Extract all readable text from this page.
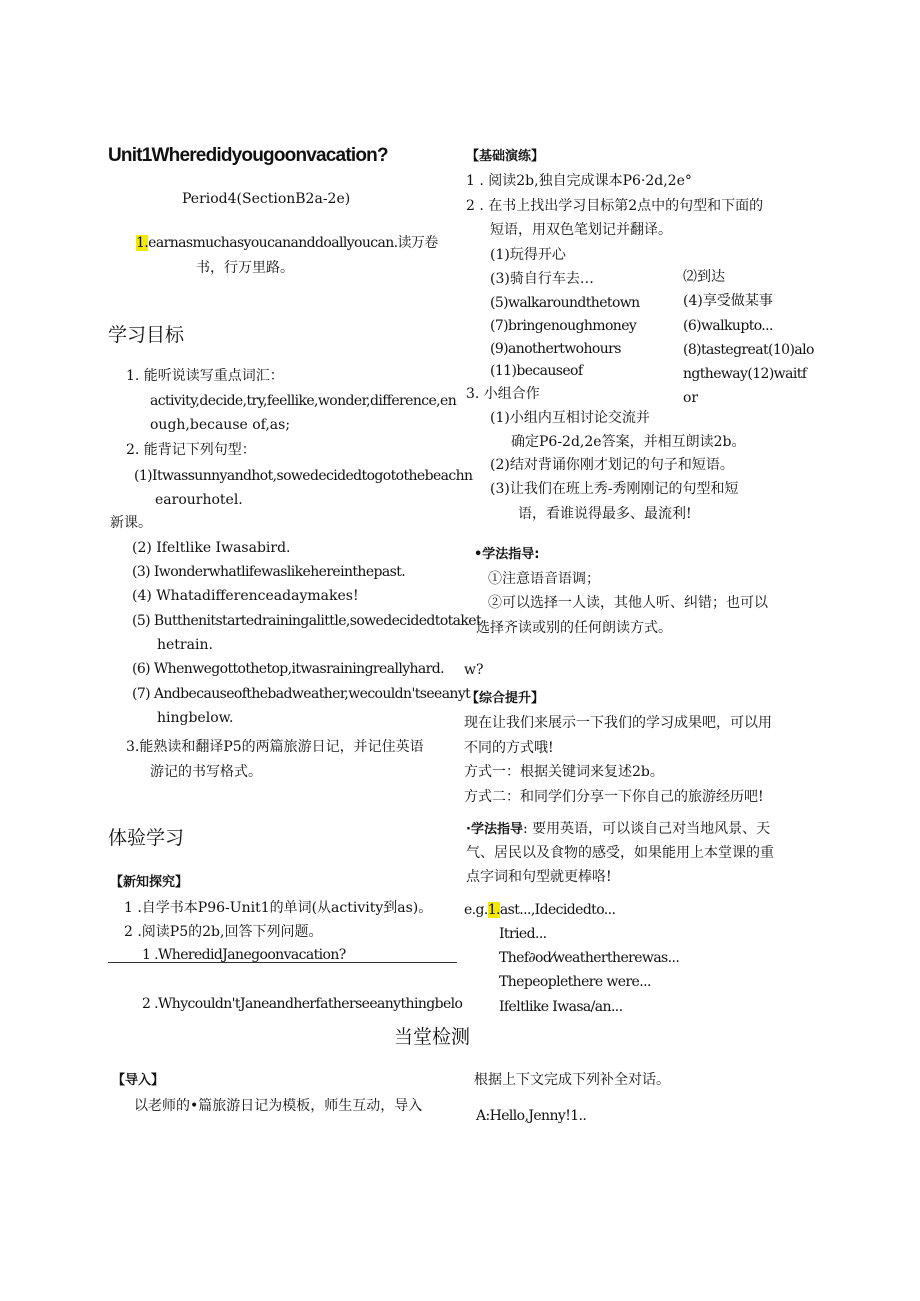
Unit1Wheredidyougoonvacation?
Period4(SectionB2a-2e)
1.earnasmuchasyoucananddoallyoucan.读万卷
书，行万里路。
学习目标
1. 能听说读写重点词汇：
activity,decide,try,feellike,wonder,difference,en
ough,because of,as;
2. 能背记下列句型：
(1)Itwassunnyandhot,sowedecidedtogotothebeachn
earourhotel.
新课。
(2) Ifeltlike Iwasabird.
(3) Iwonderwhatlifewaslikehereinthepast.
(4) Whatadifferenceadaymakes!
(5) Butthenitstartedrainingalittle,sowedecidedtotaket
hetrain.
(6) Whenwegottothetop,itwasrainingreallyhard.
(7) Andbecauseofthebadweather,wecouldn'tseeanyt
hingbelow.
3.能熟读和翻译P5的两篇旅游日记，并记住英语
游记的书写格式。
体验学习
【新知探究】
1 .自学书本P96-Unit1的单词(从activity到as)。
2 .阅读P5的2b,回答下列问题。
1 .WheredidJanegoonvacation?
2 .Whycouldn'tJaneandherfatherseeanythingbelo
【基础演练】
1 . 阅读2b,独自完成课本P6·2d,2e°
2 . 在书上找出学习目标第2点中的句型和下面的
短语，用双色笔划记并翻译。
(1)玩得开心
(3)骑自行车去…	⑵到达
(5)walkaroundthetown	(4)享受做某事
(7)bringenoughmoney	(6)walkupto...
(9)anothertwohours	(8)tastegreat(10)alo
(11)becauseof	ngtheway(12)waitf
or
3. 小组合作
(1)小组内互相讨论交流并
确定P6-2d,2e答案，并相互朗读2b。
(2)结对背诵你刚才划记的句子和短语。
(3)让我们在班上秀-秀刚刚记的句型和短
语，看谁说得最多、最流利!
•学法指导:
①注意语音语调；
②可以选择一人读，其他人听、纠错；也可以
选择齐读或别的任何朗读方式。
w?
【综合提升】
现在让我们来展示一下我们的学习成果吧，可以用
不同的方式哦!
方式一：根据关键词来复述2b。
方式二：和同学们分享一下你自己的旅游经历吧!
·学法指导: 要用英语，可以谈自己对当地风景、天
气、居民以及食物的感受，如果能用上本堂课的重
点字词和句型就更棒咯!
e.g.1.ast...,Idecidedto...
Itried...
Thef∂od⁄weathertherewas...
Thepeoplethere were...
Ifeltlike Iwasa/an...
当堂检测
【导入】
以老师的•篇旅游日记为模板，师生互动，导入
根据上下文完成下列补全对话。
A:Hello,Jenny!1..
